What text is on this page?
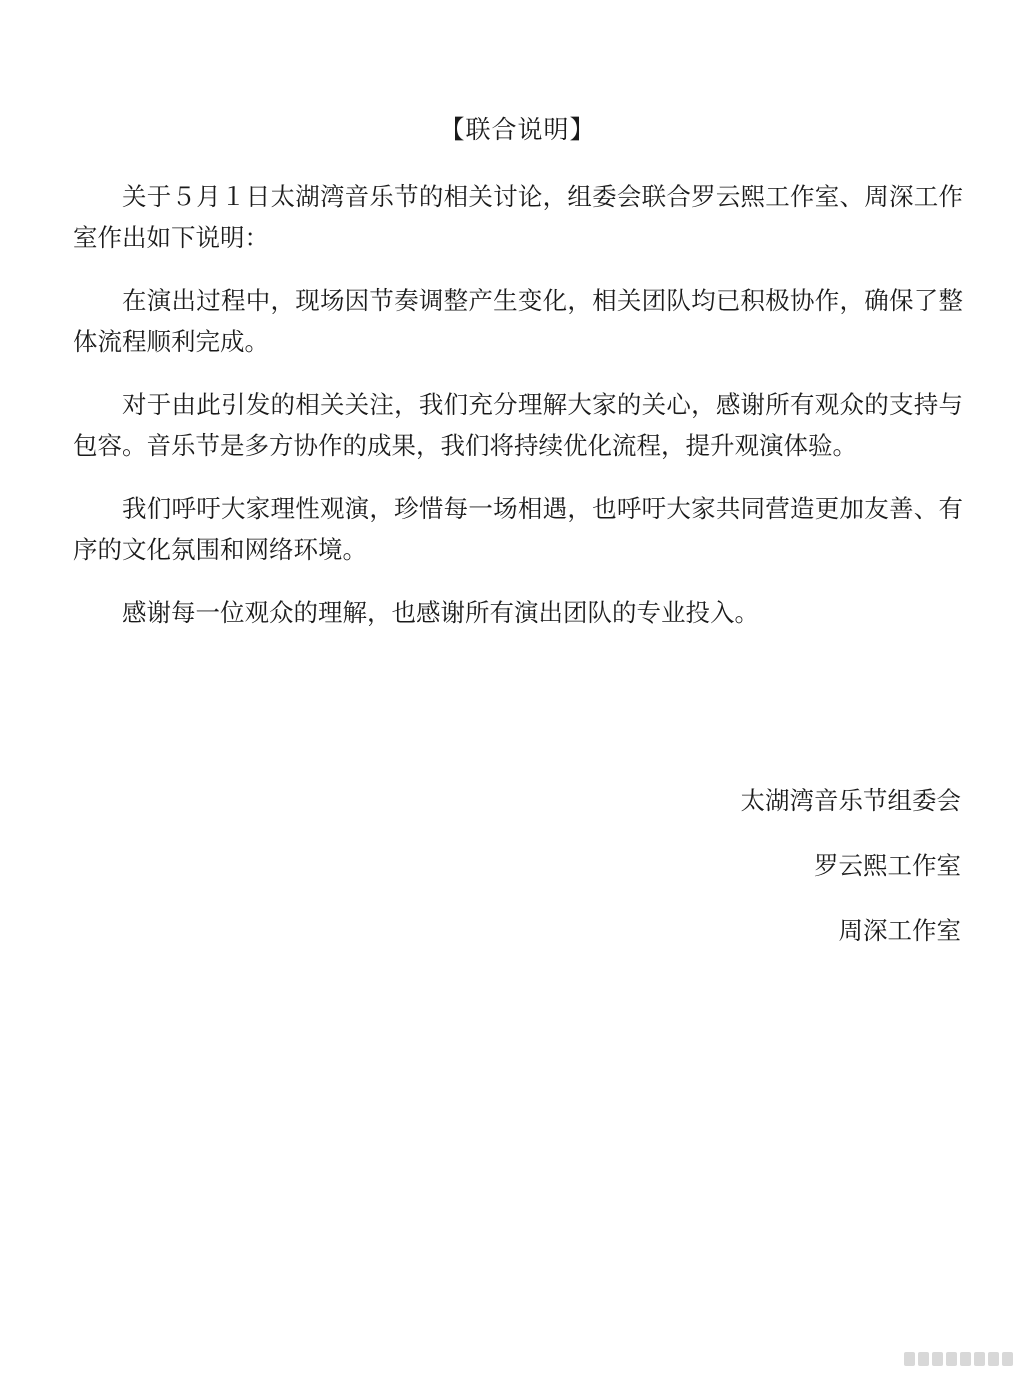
【联合说明】

关于５月１日太湖湾音乐节的相关讨论，组委会联合罗云熙工作室、周深工作室作出如下说明：

在演出过程中，现场因节奏调整产生变化，相关团队均已积极协作，确保了整体流程顺利完成。

对于由此引发的相关关注，我们充分理解大家的关心，感谢所有观众的支持与包容。音乐节是多方协作的成果，我们将持续优化流程，提升观演体验。

我们呼吁大家理性观演，珍惜每一场相遇，也呼吁大家共同营造更加友善、有序的文化氛围和网络环境。

感谢每一位观众的理解，也感谢所有演出团队的专业投入。

太湖湾音乐节组委会
罗云熙工作室
周深工作室
